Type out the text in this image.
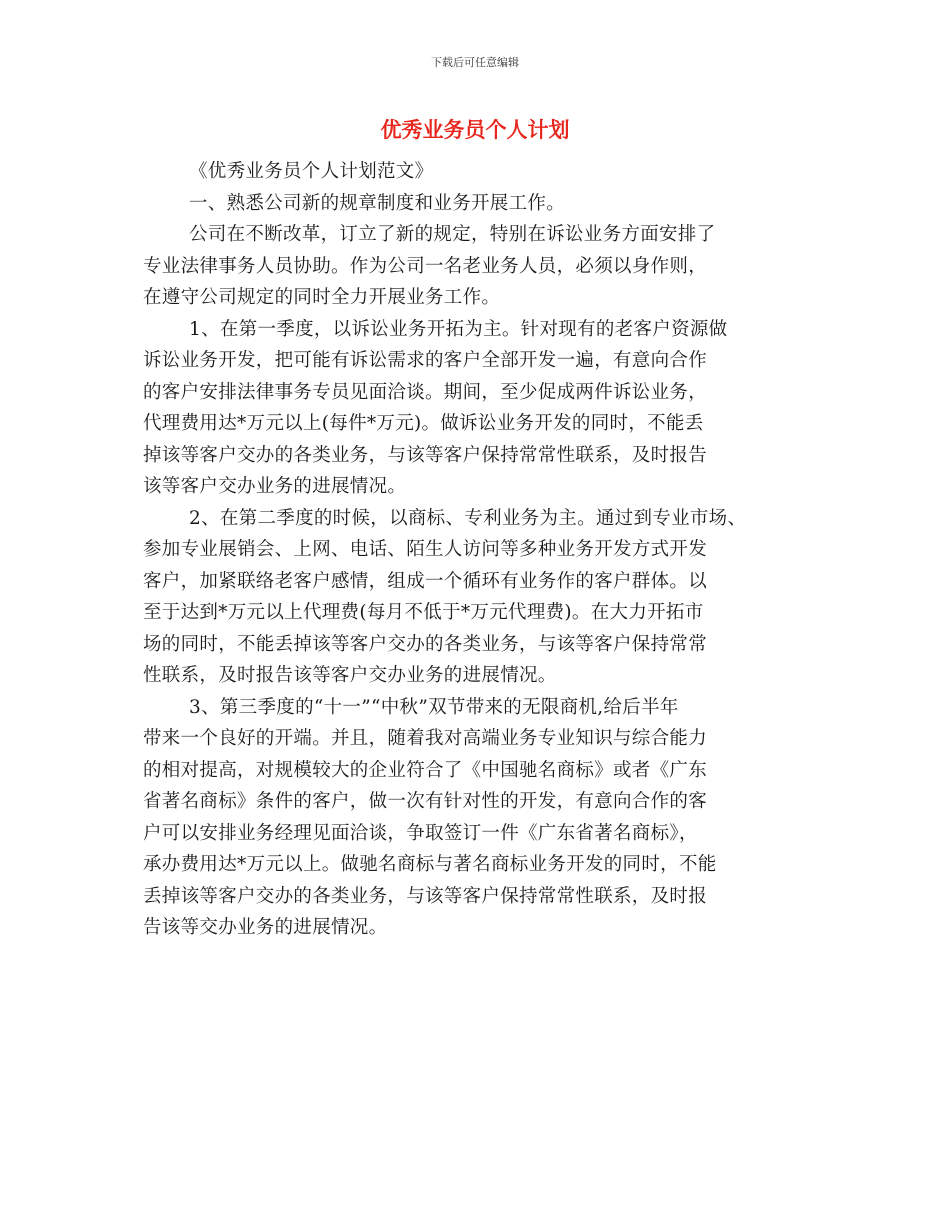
下载后可任意编辑
优秀业务员个人计划
《优秀业务员个人计划范文》
一、熟悉公司新的规章制度和业务开展工作。
公司在不断改革，订立了新的规定，特别在诉讼业务方面安排了
专业法律事务人员协助。作为公司一名老业务人员，必须以身作则，
在遵守公司规定的同时全力开展业务工作。
1、在第一季度，以诉讼业务开拓为主。针对现有的老客户资源做
诉讼业务开发，把可能有诉讼需求的客户全部开发一遍，有意向合作
的客户安排法律事务专员见面洽谈。期间，至少促成两件诉讼业务，
代理费用达*万元以上(每件*万元)。做诉讼业务开发的同时，不能丢
掉该等客户交办的各类业务，与该等客户保持常常性联系，及时报告
该等客户交办业务的进展情况。
2、在第二季度的时候，以商标、专利业务为主。通过到专业市场、
参加专业展销会、上网、电话、陌生人访问等多种业务开发方式开发
客户，加紧联络老客户感情，组成一个循环有业务作的客户群体。以
至于达到*万元以上代理费(每月不低于*万元代理费)。在大力开拓市
场的同时，不能丢掉该等客户交办的各类业务，与该等客户保持常常
性联系，及时报告该等客户交办业务的进展情况。
3、第三季度的“十一”“中秋”双节带来的无限商机,给后半年
带来一个良好的开端。并且，随着我对高端业务专业知识与综合能力
的相对提高，对规模较大的企业符合了《中国驰名商标》或者《广东
省著名商标》条件的客户，做一次有针对性的开发，有意向合作的客
户可以安排业务经理见面洽谈，争取签订一件《广东省著名商标》，
承办费用达*万元以上。做驰名商标与著名商标业务开发的同时，不能
丢掉该等客户交办的各类业务，与该等客户保持常常性联系，及时报
告该等交办业务的进展情况。
